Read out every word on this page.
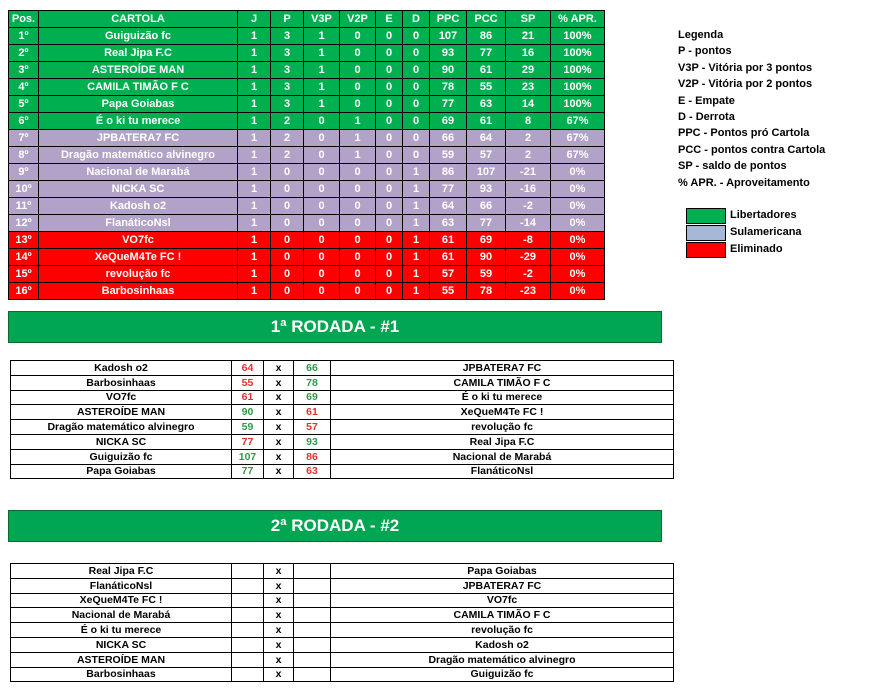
Pos.	CARTOLA	J	P	V3P	V2P	E	D	PPC	PCC	SP	% APR.
1º	Guiguizão fc	1	3	1	0	0	0	107	86	21	100%
2º	Real Jipa F.C	1	3	1	0	0	0	93	77	16	100%
3º	ASTEROÍDE MAN	1	3	1	0	0	0	90	61	29	100%
4º	CAMILA TIMÃO F C	1	3	1	0	0	0	78	55	23	100%
5º	Papa Goiabas	1	3	1	0	0	0	77	63	14	100%
6º	É o ki tu merece	1	2	0	1	0	0	69	61	8	67%
7º	JPBATERA7 FC	1	2	0	1	0	0	66	64	2	67%
8º	Dragão matemático alvinegro	1	2	0	1	0	0	59	57	2	67%
9º	Nacional de Marabá	1	0	0	0	0	1	86	107	-21	0%
10º	NICKA SC	1	0	0	0	0	1	77	93	-16	0%
11º	Kadosh o2	1	0	0	0	0	1	64	66	-2	0%
12º	FlanáticoNsl	1	0	0	0	0	1	63	77	-14	0%
13º	VO7fc	1	0	0	0	0	1	61	69	-8	0%
14º	XeQueM4Te FC !	1	0	0	0	0	1	61	90	-29	0%
15º	revolução fc	1	0	0	0	0	1	57	59	-2	0%
16º	Barbosinhaas	1	0	0	0	0	1	55	78	-23	0%
Legenda
P - pontos
V3P - Vitória por 3 pontos
V2P - Vitória por 2 pontos
E - Empate
D - Derrota
PPC - Pontos pró Cartola
PCC - pontos contra Cartola
SP - saldo de pontos
% APR. - Aproveitamento
Libertadores
Sulamericana
Eliminado
1ª RODADA - #1
Kadosh o2	64	x	66	JPBATERA7 FC
Barbosinhaas	55	x	78	CAMILA TIMÃO F C
VO7fc	61	x	69	É o ki tu merece
ASTEROÍDE MAN	90	x	61	XeQueM4Te FC !
Dragão matemático alvinegro	59	x	57	revolução fc
NICKA SC	77	x	93	Real Jipa F.C
Guiguizão fc	107	x	86	Nacional de Marabá
Papa Goiabas	77	x	63	FlanáticoNsl
2ª RODADA - #2
Real Jipa F.C		x		Papa Goiabas
FlanáticoNsl		x		JPBATERA7 FC
XeQueM4Te FC !		x		VO7fc
Nacional de Marabá		x		CAMILA TIMÃO F C
É o ki tu merece		x		revolução fc
NICKA SC		x		Kadosh o2
ASTEROÍDE MAN		x		Dragão matemático alvinegro
Barbosinhaas		x		Guiguizão fc
